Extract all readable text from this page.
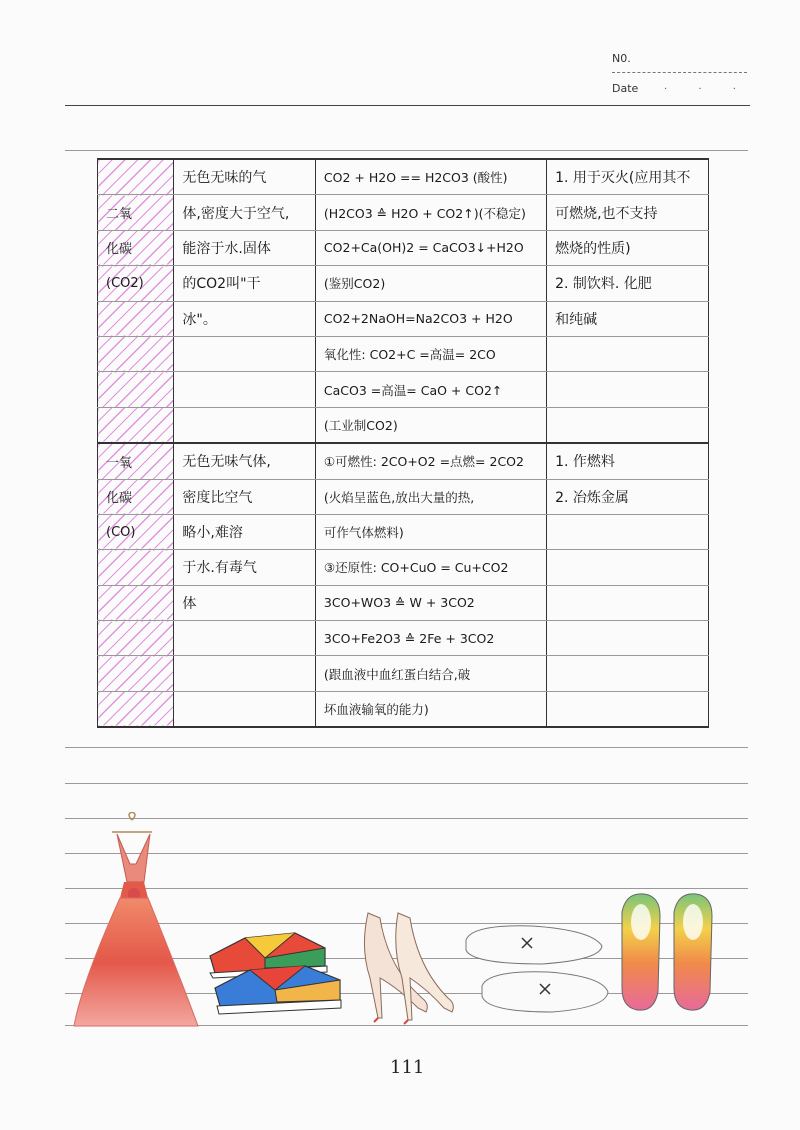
N0.
Date	· · ·
	无色无味的气	CO2 + H2O == H2CO3 (酸性)	1. 用于灭火(应用其不
二氧	体,密度大于空气,	(H2CO3 ≙ H2O + CO2↑)(不稳定)	可燃烧,也不支持
化碳	能溶于水.固体	CO2+Ca(OH)2 = CaCO3↓+H2O	燃烧的性质)
(CO2)	的CO2叫"干	(鉴别CO2)	2. 制饮料. 化肥
	冰"。	CO2+2NaOH=Na2CO3 + H2O	和纯碱
		氧化性: CO2+C =高温= 2CO	
		CaCO3 =高温= CaO + CO2↑	
		(工业制CO2)	
一氧	无色无味气体,	①可燃性: 2CO+O2 =点燃= 2CO2	1. 作燃料
化碳	密度比空气	(火焰呈蓝色,放出大量的热,	2. 冶炼金属
(CO)	略小,难溶	可作气体燃料)	
	于水.有毒气	③还原性: CO+CuO = Cu+CO2	
	体	3CO+WO3 ≙ W + 3CO2	
		3CO+Fe2O3 ≙ 2Fe + 3CO2	
		(跟血液中血红蛋白结合,破	
		坏血液输氧的能力)	
111
